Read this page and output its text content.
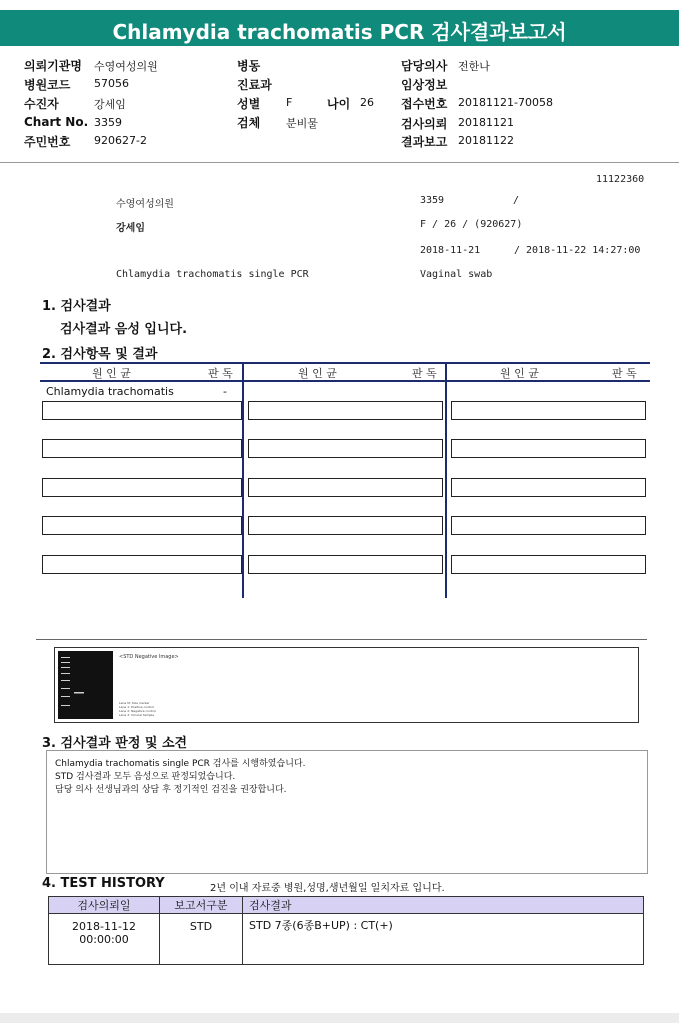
Chlamydia trachomatis PCR 검사결과보고서
의뢰기관명 수영여성의원
병원코드 57056
수진자	강세임
Chart No. 3359
주민번호 920627-2
병동
진료과
성별 F	나이 26
검체 분비물
담당의사 전한나
임상정보
접수번호 20181121-70058
검사의뢰 20181121
결과보고 20181122
11122360
수영여성의원	3359	/
강세임	F / 26 / (920627)
2018-11-21	/ 2018-11-22 14:27:00
Chlamydia trachomatis single PCR	Vaginal swab
1. 검사결과
검사결과 음성 입니다.
2. 검사항목 및 결과
원 인 균	판 독	원 인 균	판 독	원 인 균	판 독
Chlamydia trachomatis	-
<STD Negative Image>
Lane M: Size marker
Lane 1: Positive control
Lane 2: Negative control
Lane 3: Clinical Sample
3. 검사결과 판정 및 소견
Chlamydia trachomatis single PCR 검사를 시행하였습니다.
STD 검사결과 모두 음성으로 판정되었습니다.
담당 의사 선생님과의 상담 후 정기적인 검진을 권장합니다.
4. TEST HISTORY	2년 이내 자료중 병원,성명,생년월일 일치자료 입니다.
검사의뢰일	보고서구분	검사결과

2018-11-12
00:00:00	STD	STD 7종(6종B+UP) : CT(+)
